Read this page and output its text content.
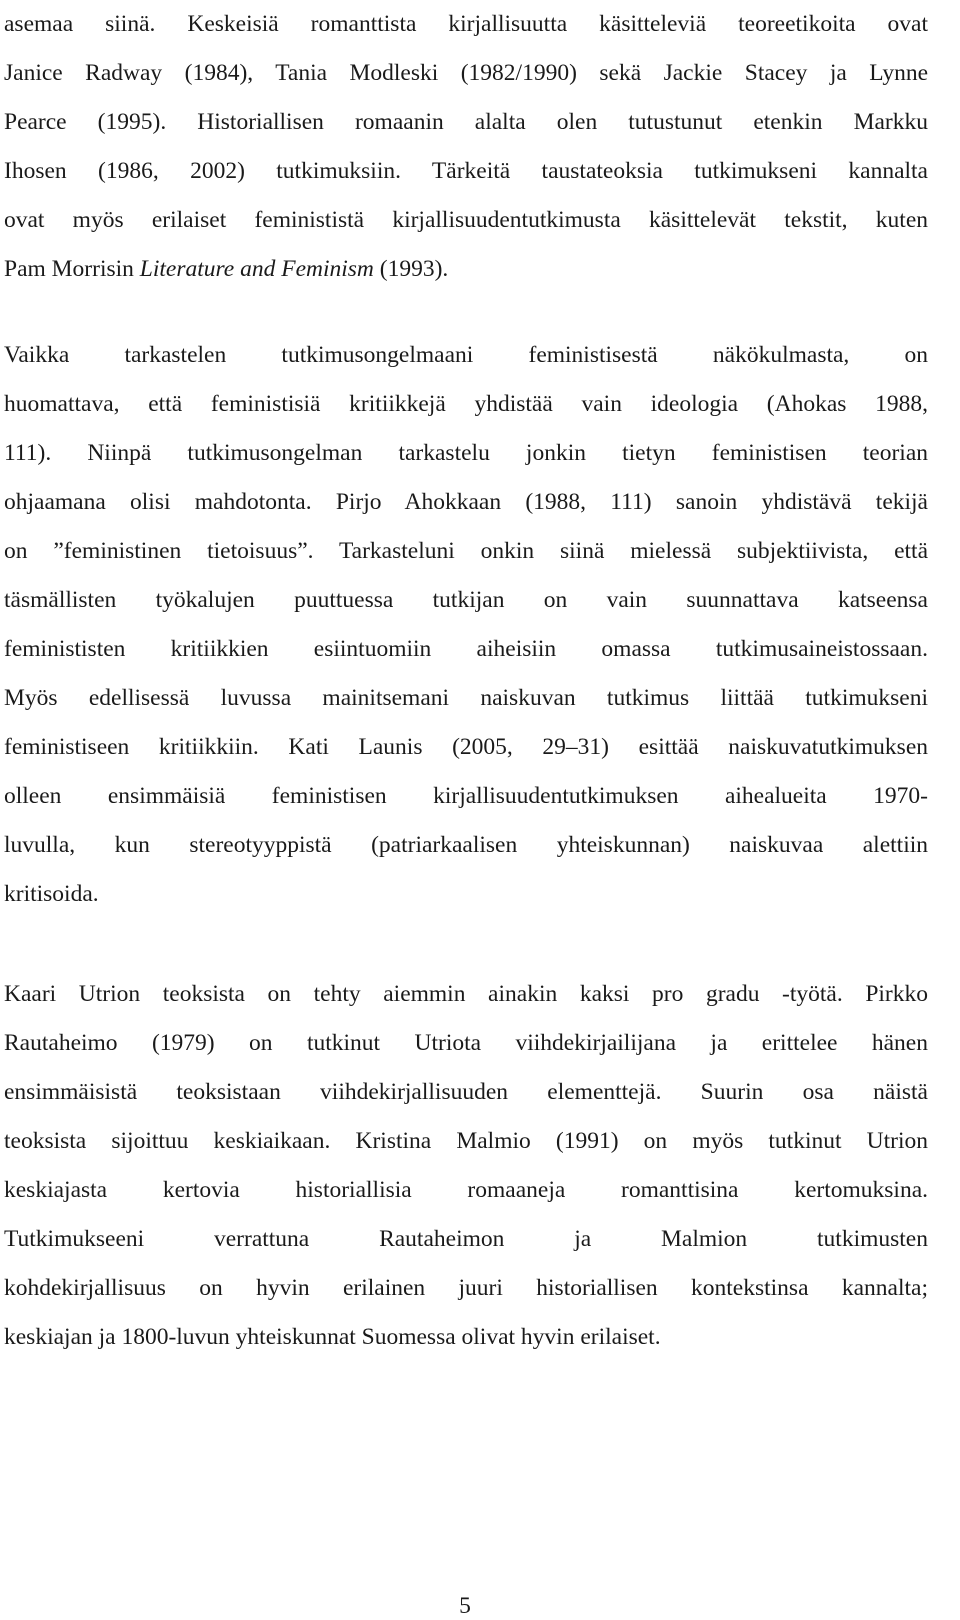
asemaa siinä. Keskeisiä romanttista kirjallisuutta käsitteleviä teoreetikoita ovat
Janice Radway (1984), Tania Modleski (1982/1990) sekä Jackie Stacey ja Lynne
Pearce (1995). Historiallisen romaanin alalta olen tutustunut etenkin Markku
Ihosen (1986, 2002) tutkimuksiin. Tärkeitä taustateoksia tutkimukseni kannalta
ovat myös erilaiset feminististä kirjallisuudentutkimusta käsittelevät tekstit, kuten
Pam Morrisin Literature and Feminism (1993).
Vaikka tarkastelen tutkimusongelmaani feministisestä näkökulmasta, on
huomattava, että feministisiä kritiikkejä yhdistää vain ideologia (Ahokas 1988,
111). Niinpä tutkimusongelman tarkastelu jonkin tietyn feministisen teorian
ohjaamana olisi mahdotonta. Pirjo Ahokkaan (1988, 111) sanoin yhdistävä tekijä
on ”feministinen tietoisuus”. Tarkasteluni onkin siinä mielessä subjektiivista, että
täsmällisten työkalujen puuttuessa tutkijan on vain suunnattava katseensa
feminististen kritiikkien esiintuomiin aiheisiin omassa tutkimusaineistossaan.
Myös edellisessä luvussa mainitsemani naiskuvan tutkimus liittää tutkimukseni
feministiseen kritiikkiin. Kati Launis (2005, 29–31) esittää naiskuvatutkimuksen
olleen ensimmäisiä feministisen kirjallisuudentutkimuksen aihealueita 1970-
luvulla, kun stereotyyppistä (patriarkaalisen yhteiskunnan) naiskuvaa alettiin
kritisoida.
Kaari Utrion teoksista on tehty aiemmin ainakin kaksi pro gradu -työtä. Pirkko
Rautaheimo (1979) on tutkinut Utriota viihdekirjailijana ja erittelee hänen
ensimmäisistä teoksistaan viihdekirjallisuuden elementtejä. Suurin osa näistä
teoksista sijoittuu keskiaikaan. Kristina Malmio (1991) on myös tutkinut Utrion
keskiajasta kertovia historiallisia romaaneja romanttisina kertomuksina.
Tutkimukseeni verrattuna Rautaheimon ja Malmion tutkimusten
kohdekirjallisuus on hyvin erilainen juuri historiallisen kontekstinsa kannalta;
keskiajan ja 1800-luvun yhteiskunnat Suomessa olivat hyvin erilaiset.
5
